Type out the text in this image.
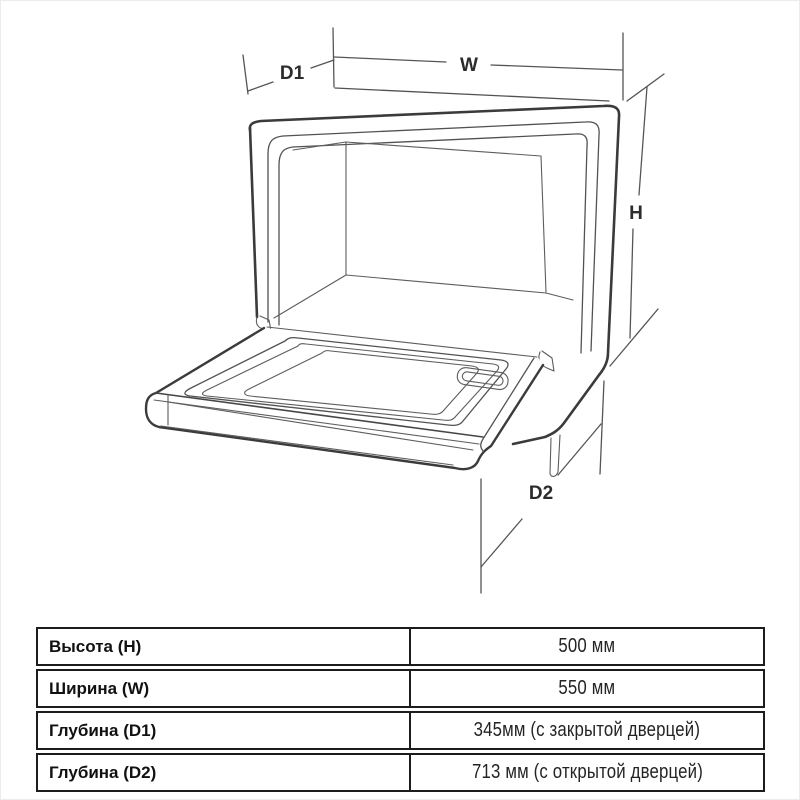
D1	W
H
D2
Высота (H)	500 мм
Ширина (W)	550 мм
Глубина (D1)	345мм (с закрытой дверцей)
Глубина (D2)	713 мм (с открытой дверцей)
